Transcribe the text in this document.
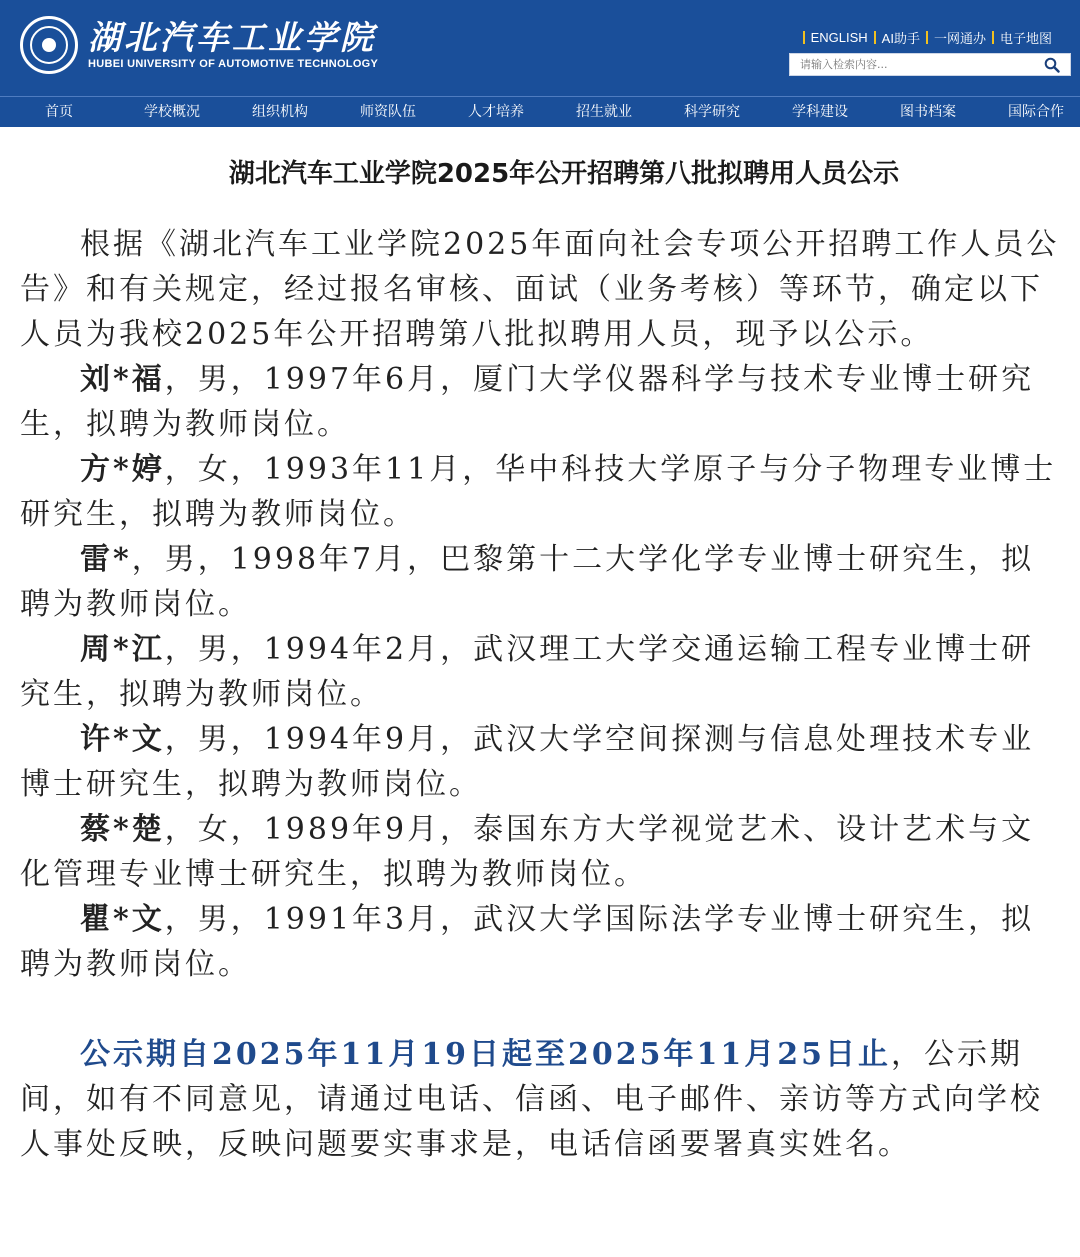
湖北汽车工业学院
HUBEI UNIVERSITY OF AUTOMOTIVE TECHNOLOGY
ENGLISH AI助手 一网通办 电子地图
请输入检索内容...
首页	学校概况	组织机构	师资队伍	人才培养	招生就业	科学研究	学科建设	图书档案	国际合作
湖北汽车工业学院2025年公开招聘第八批拟聘用人员公示

根据《湖北汽车工业学院2025年面向社会专项公开招聘工作人员公告》和有关规定，经过报名审核、面试（业务考核）等环节，确定以下人员为我校2025年公开招聘第八批拟聘用人员，现予以公示。

刘*福，男，1997年6月，厦门大学仪器科学与技术专业博士研究生，拟聘为教师岗位。

方*婷，女，1993年11月，华中科技大学原子与分子物理专业博士研究生，拟聘为教师岗位。

雷*，男，1998年7月，巴黎第十二大学化学专业博士研究生，拟聘为教师岗位。

周*江，男，1994年2月，武汉理工大学交通运输工程专业博士研究生，拟聘为教师岗位。

许*文，男，1994年9月，武汉大学空间探测与信息处理技术专业博士研究生，拟聘为教师岗位。

蔡*楚，女，1989年9月，泰国东方大学视觉艺术、设计艺术与文化管理专业博士研究生，拟聘为教师岗位。

瞿*文，男，1991年3月，武汉大学国际法学专业博士研究生，拟聘为教师岗位。

公示期自2025年11月19日起至2025年11月25日止，公示期间，如有不同意见，请通过电话、信函、电子邮件、亲访等方式向学校人事处反映，反映问题要实事求是，电话信函要署真实姓名。
